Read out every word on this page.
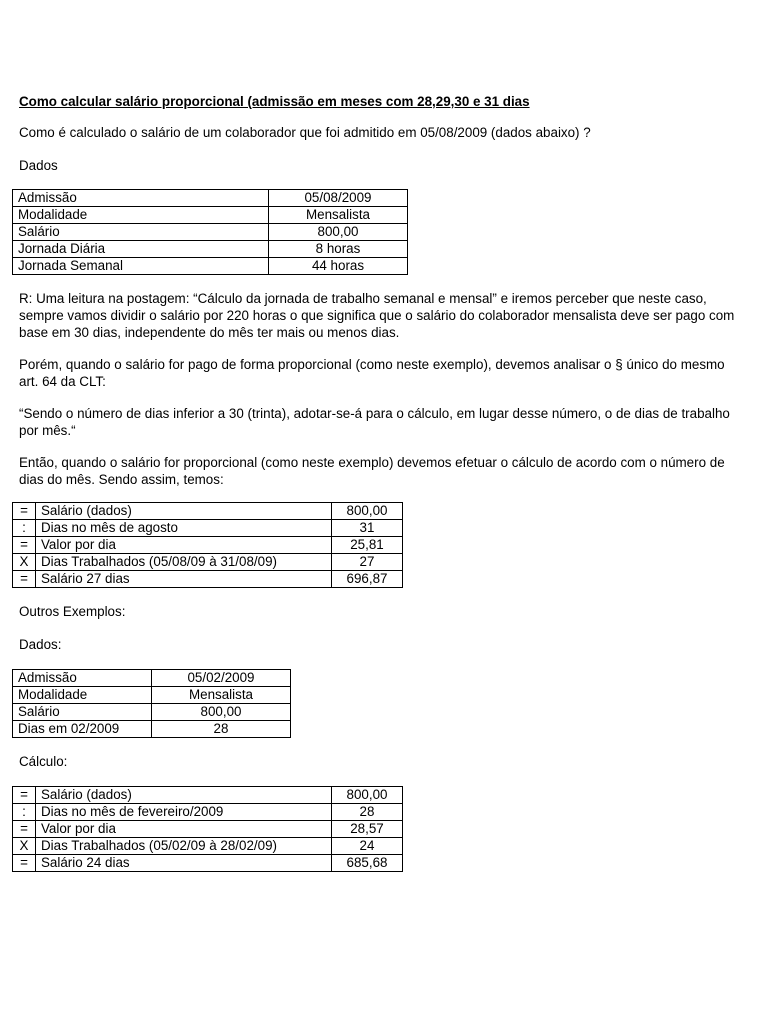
Como calcular salário proporcional (admissão em meses com 28,29,30 e 31 dias
Como é calculado o salário de um colaborador que foi admitido em 05/08/2009 (dados abaixo) ?
Dados
Admissão	05/08/2009
Modalidade	Mensalista
Salário	800,00
Jornada Diária	8 horas
Jornada Semanal	44 horas
R: Uma leitura na postagem: “Cálculo da jornada de trabalho semanal e mensal” e iremos perceber que neste caso, sempre vamos dividir o salário por 220 horas o que significa que o salário do colaborador mensalista deve ser pago com base em 30 dias, independente do mês ter mais ou menos dias.
Porém, quando o salário for pago de forma proporcional (como neste exemplo), devemos analisar o § único do mesmo art. 64 da CLT:
“Sendo o número de dias inferior a 30 (trinta), adotar-se-á para o cálculo, em lugar desse número, o de dias de trabalho por mês.“
Então, quando o salário for proporcional (como neste exemplo) devemos efetuar o cálculo de acordo com o número de dias do mês. Sendo assim, temos:
=	Salário (dados)	800,00
:	Dias no mês de agosto	31
=	Valor por dia	25,81
X	Dias Trabalhados (05/08/09 à 31/08/09)	27
=	Salário 27 dias	696,87
Outros Exemplos:
Dados:
Admissão	05/02/2009
Modalidade	Mensalista
Salário	800,00
Dias em 02/2009	28
Cálculo:
=	Salário (dados)	800,00
:	Dias no mês de fevereiro/2009	28
=	Valor por dia	28,57
X	Dias Trabalhados (05/02/09 à 28/02/09)	24
=	Salário 24 dias	685,68
